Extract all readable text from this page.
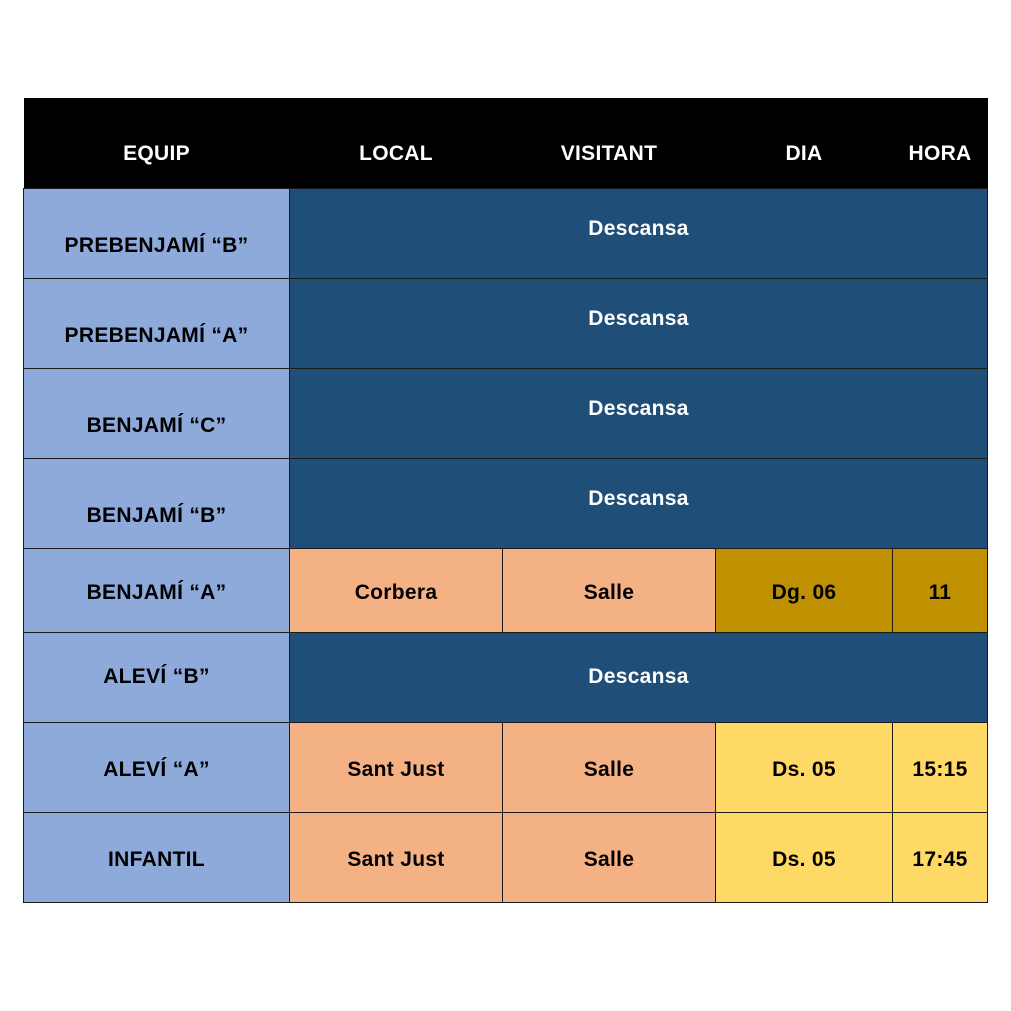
EQUIP	LOCAL	VISITANT	DIA	HORA
PREBENJAMÍ “B”	Descansa			
PREBENJAMÍ “A”	Descansa			
BENJAMÍ “C”	Descansa			
BENJAMÍ “B”	Descansa			
BENJAMÍ “A”	Corbera	Salle	Dg. 06	11
ALEVÍ “B”	Descansa			
ALEVÍ “A”	Sant Just	Salle	Ds. 05	15:15
INFANTIL	Sant Just	Salle	Ds. 05	17:45
